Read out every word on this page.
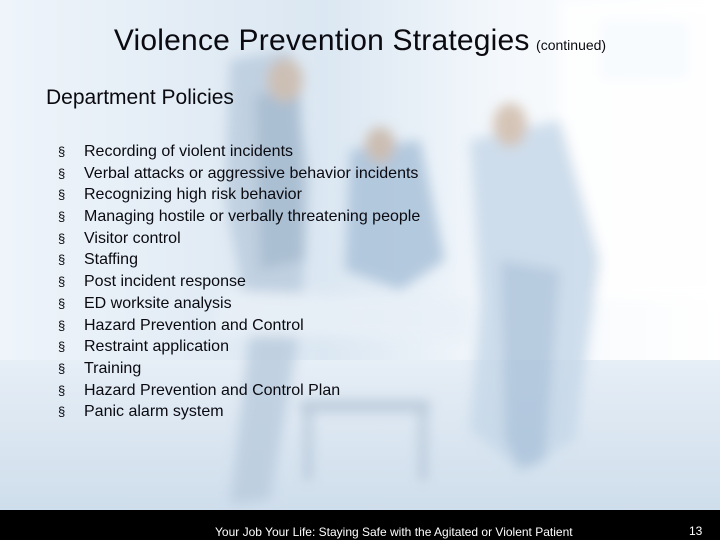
Violence Prevention Strategies (continued)
Department Policies
§	Recording of violent incidents
§	Verbal attacks or aggressive behavior incidents
§	Recognizing high risk behavior
§	Managing hostile or verbally threatening people
§	Visitor control
§	Staffing
§	Post incident response
§	ED worksite analysis
§	Hazard Prevention and Control
§	Restraint application
§	Training
§	Hazard Prevention and Control Plan
§	Panic alarm system
Your Job Your Life: Staying Safe with the Agitated or Violent Patient	13
